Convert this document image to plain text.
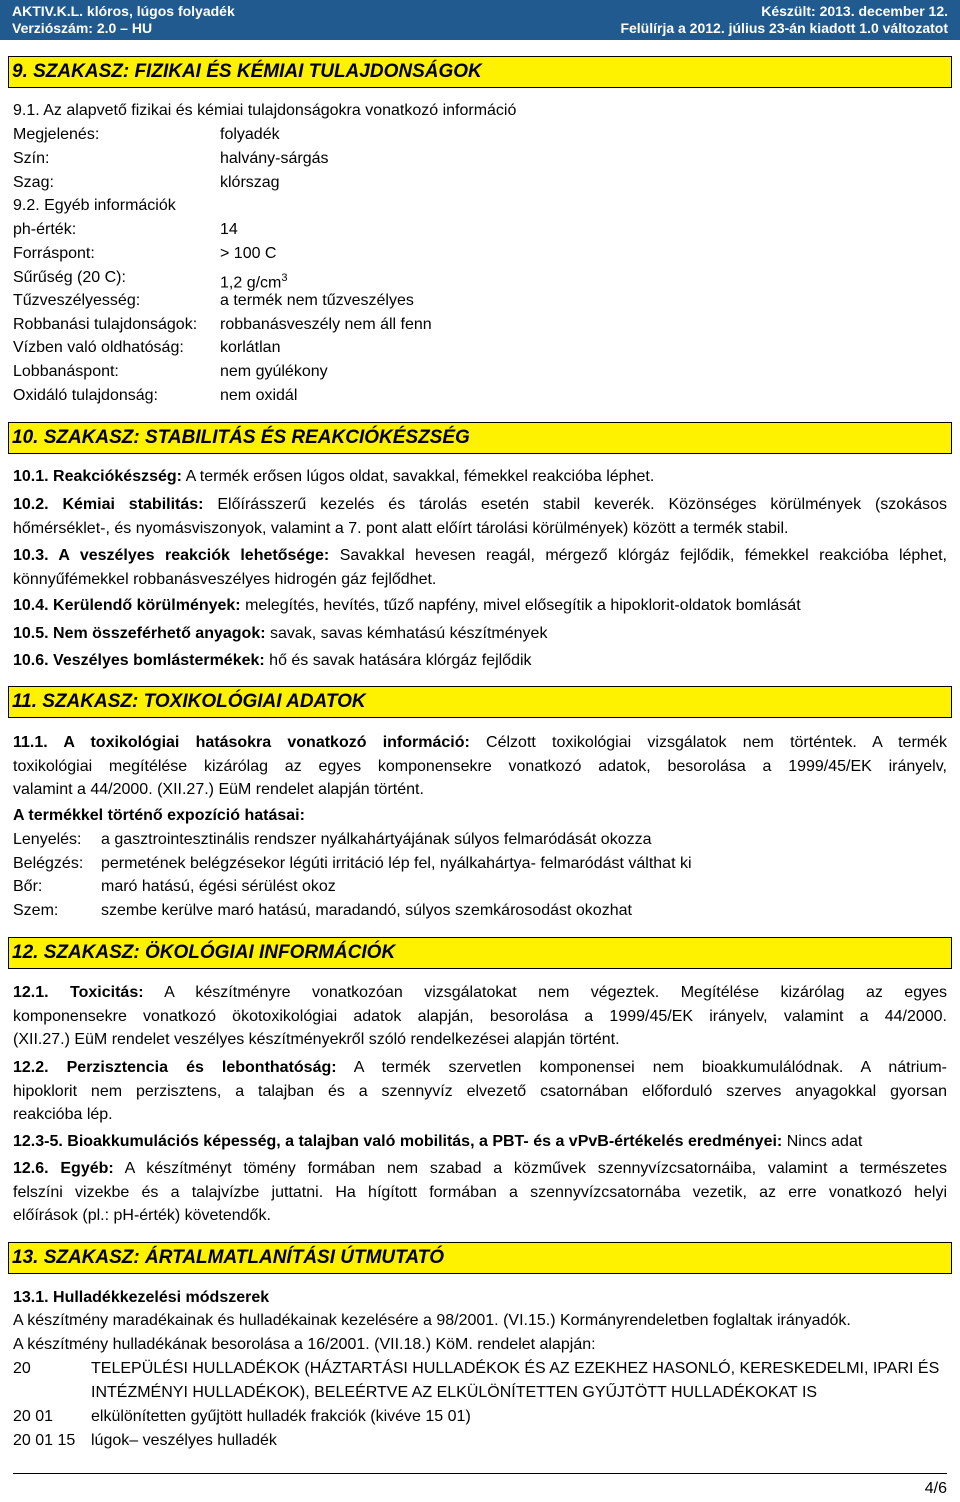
AKTIV.K.L. klóros, lúgos folyadék	Készült: 2013. december 12.
Verziószám: 2.0 – HU	Felülírja a 2012. július 23-án kiadott 1.0 változatot
9. SZAKASZ: FIZIKAI ÉS KÉMIAI TULAJDONSÁGOK
9.1. Az alapvető fizikai és kémiai tulajdonságokra vonatkozó információ
Megjelenés:	folyadék
Szín:	halvány-sárgás
Szag:	klórszag
9.2. Egyéb információk
ph-érték:	14
Forráspont:	> 100 C
Sűrűség (20 C):	1,2 $g/cm^3$
Tűzveszélyesség:	a termék nem tűzveszélyes
Robbanási tulajdonságok: robbanásveszély nem áll fenn
Vízben való oldhatóság: korlátlan
Lobbanáspont:	nem gyúlékony
Oxidáló tulajdonság:	nem oxidál
10. SZAKASZ: STABILITÁS ÉS REAKCIÓKÉSZSÉG
10.1. Reakciókészség: A termék erősen lúgos oldat, savakkal, fémekkel reakcióba léphet.
10.2. Kémiai stabilitás: Előírásszerű kezelés és tárolás esetén stabil keverék. Közönséges körülmények (szokásos
hőmérséklet-, és nyomásviszonyok, valamint a 7. pont alatt előírt tárolási körülmények) között a termék stabil.
10.3. A veszélyes reakciók lehetősége: Savakkal hevesen reagál, mérgező klórgáz fejlődik, fémekkel reakcióba léphet,
könnyűfémekkel robbanásveszélyes hidrogén gáz fejlődhet.
10.4. Kerülendő körülmények: melegítés, hevítés, tűző napfény, mivel elősegítik a hipoklorit-oldatok bomlását
10.5. Nem összeférhető anyagok: savak, savas kémhatású készítmények
10.6. Veszélyes bomlástermékek: hő és savak hatására klórgáz fejlődik
11. SZAKASZ: TOXIKOLÓGIAI ADATOK
11.1. A toxikológiai hatásokra vonatkozó információ: Célzott toxikológiai vizsgálatok nem történtek. A termék
toxikológiai megítélése kizárólag az egyes komponensekre vonatkozó adatok, besorolása a 1999/45/EK irányelv,
valamint a 44/2000. (XII.27.) EüM rendelet alapján történt.
A termékkel történő expozíció hatásai:
Lenyelés: a gasztrointesztinális rendszer nyálkahártyájának súlyos felmaródását okozza
Belégzés: permetének belégzésekor légúti irritáció lép fel, nyálkahártya- felmaródást válthat ki
Bőr:	maró hatású, égési sérülést okoz
Szem:	szembe kerülve maró hatású, maradandó, súlyos szemkárosodást okozhat
12. SZAKASZ: ÖKOLÓGIAI INFORMÁCIÓK
12.1. Toxicitás: A készítményre vonatkozóan vizsgálatokat nem végeztek. Megítélése kizárólag az egyes
komponensekre vonatkozó ökotoxikológiai adatok alapján, besorolása a 1999/45/EK irányelv, valamint a 44/2000.
(XII.27.) EüM rendelet veszélyes készítményekről szóló rendelkezései alapján történt.
12.2. Perzisztencia és lebonthatóság: A termék szervetlen komponensei nem bioakkumulálódnak. A nátrium-
hipoklorit nem perzisztens, a talajban és a szennyvíz elvezető csatornában előforduló szerves anyagokkal gyorsan
reakcióba lép.
12.3-5. Bioakkumulációs képesség, a talajban való mobilitás, a PBT- és a vPvB-értékelés eredményei: Nincs adat
12.6. Egyéb: A készítményt tömény formában nem szabad a közművek szennyvízcsatornáiba, valamint a természetes
felszíni vizekbe és a talajvízbe juttatni. Ha hígított formában a szennyvízcsatornába vezetik, az erre vonatkozó helyi
előírások (pl.: pH-érték) követendők.
13. SZAKASZ: ÁRTALMATLANÍTÁSI ÚTMUTATÓ
13.1. Hulladékkezelési módszerek
A készítmény maradékainak és hulladékainak kezelésére a 98/2001. (VI.15.) Kormányrendeletben foglaltak irányadók.
A készítmény hulladékának besorolása a 16/2001. (VII.18.) KöM. rendelet alapján:
20	TELEPÜLÉSI HULLADÉKOK (HÁZTARTÁSI HULLADÉKOK ÉS AZ EZEKHEZ HASONLÓ, KERESKEDELMI, IPARI ÉS
INTÉZMÉNYI HULLADÉKOK), BELEÉRTVE AZ ELKÜLÖNÍTETTEN GYŰJTÖTT HULLADÉKOKAT IS
20 01 elkülönítetten gyűjtött hulladék frakciók (kivéve 15 01)
20 01 15 lúgok– veszélyes hulladék
4/6
